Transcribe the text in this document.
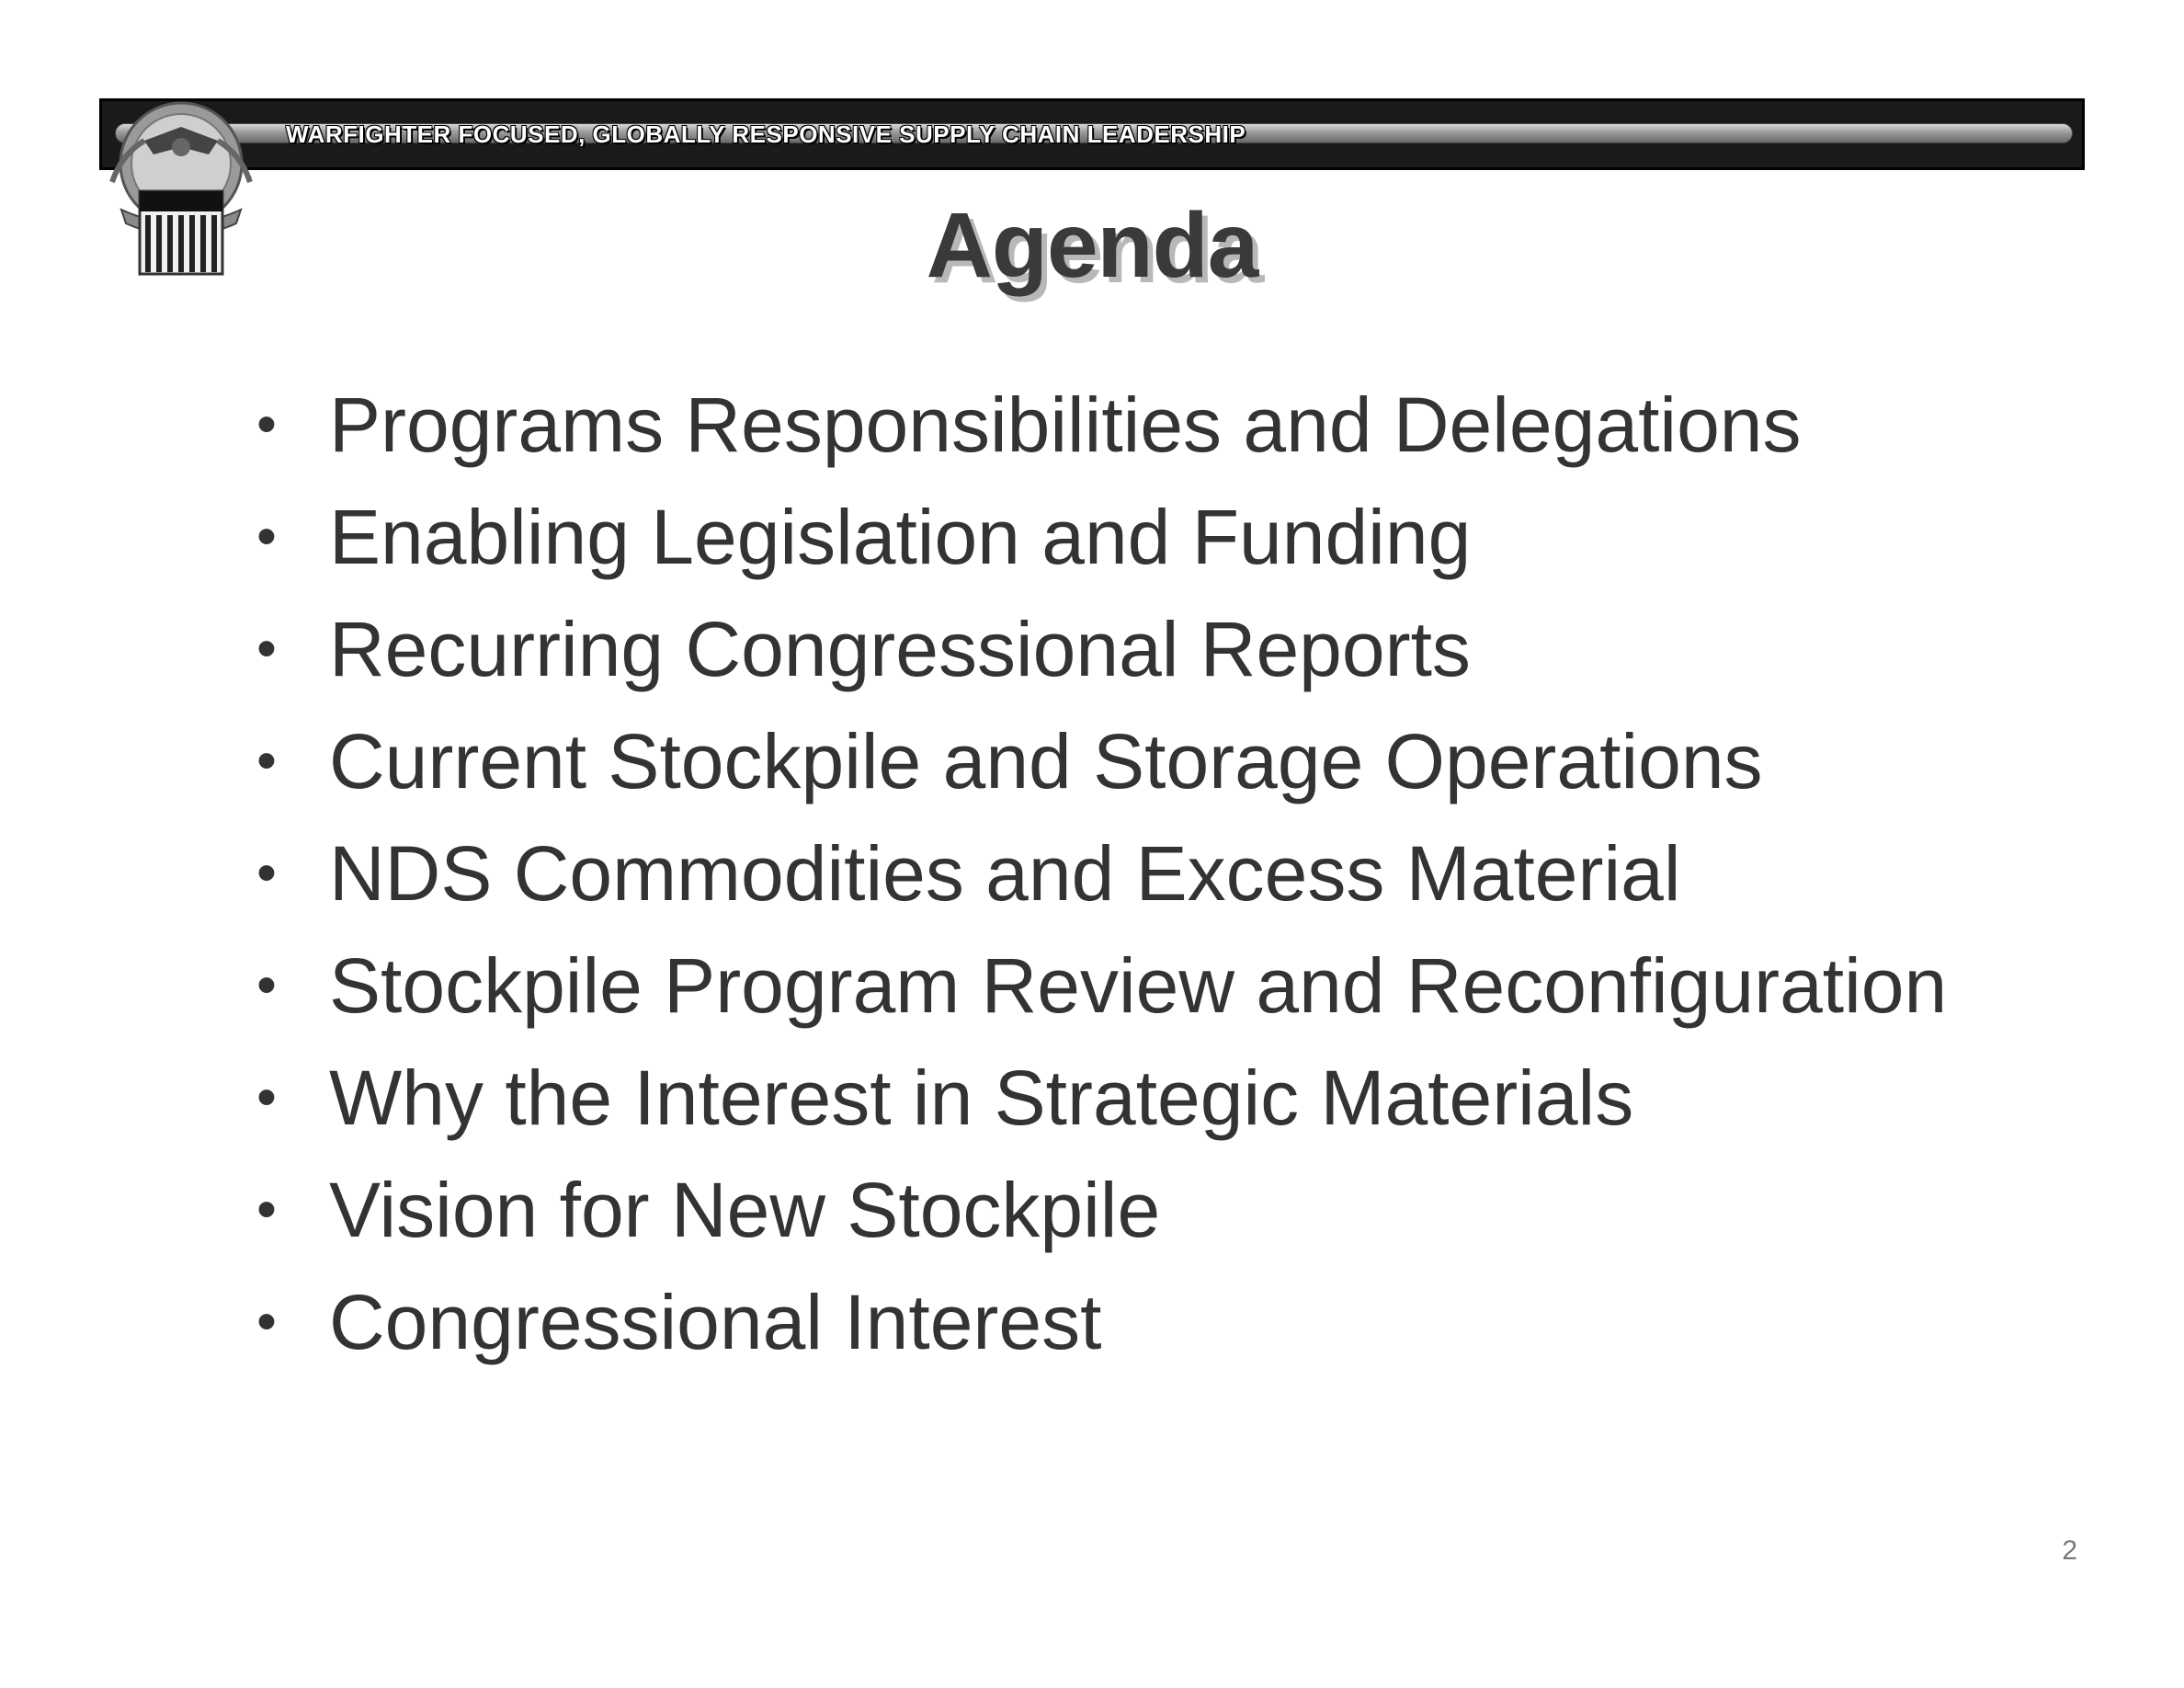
WARFIGHTER FOCUSED, GLOBALLY RESPONSIVE SUPPLY CHAIN LEADERSHIP
Agenda
• Programs Responsibilities and Delegations
• Enabling Legislation and Funding
• Recurring Congressional Reports
• Current Stockpile and Storage Operations
• NDS Commodities and Excess Material
• Stockpile Program Review and Reconfiguration
• Why the Interest in Strategic Materials
• Vision for New Stockpile
• Congressional Interest
2
